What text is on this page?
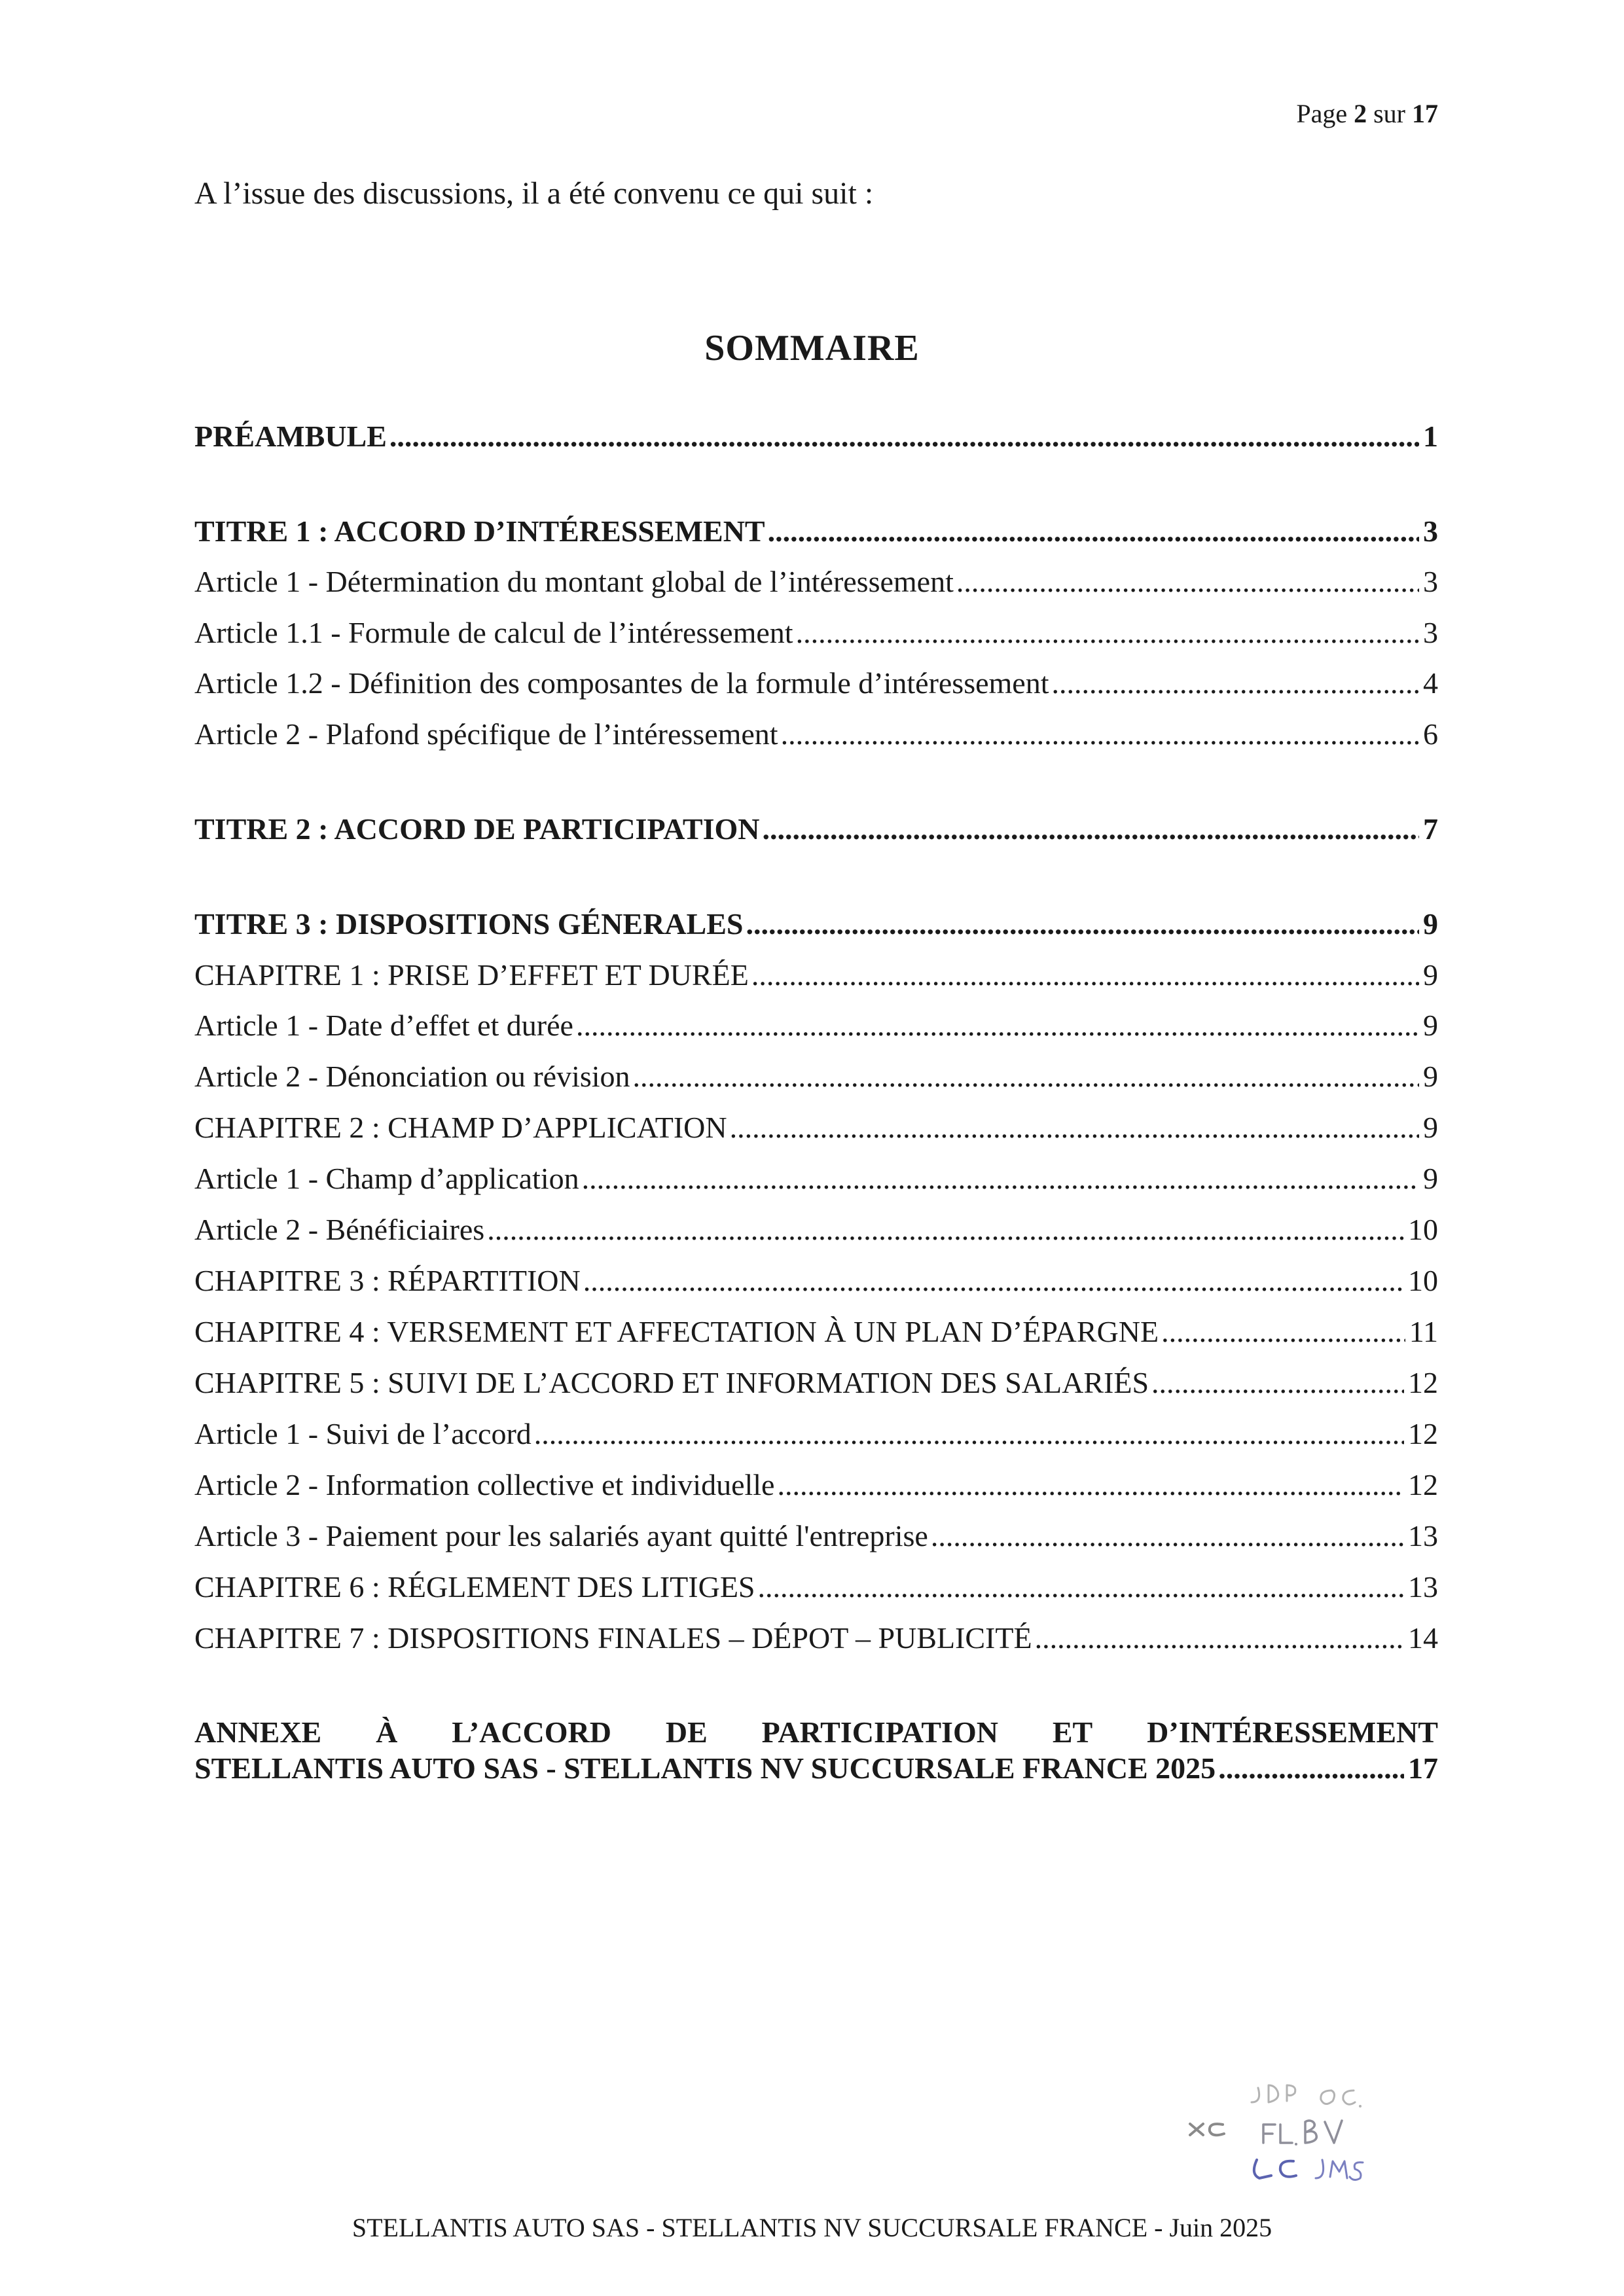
Page 2 sur 17
A l’issue des discussions, il a été convenu ce qui suit :
SOMMAIRE
PRÉAMBULE .....	1
TITRE 1 : ACCORD D’INTÉRESSEMENT .....	3
Article 1 - Détermination du montant global de l’intéressement .....	3
Article 1.1 - Formule de calcul de l’intéressement .....	3
Article 1.2 - Définition des composantes de la formule d’intéressement .....	4
Article 2 - Plafond spécifique de l’intéressement .....	6
TITRE 2 : ACCORD DE PARTICIPATION .....	7
TITRE 3 : DISPOSITIONS GÉNERALES .....	9
CHAPITRE 1 : PRISE D’EFFET ET DURÉE .....	9
Article 1 - Date d’effet et durée .....	9
Article 2 - Dénonciation ou révision .....	9
CHAPITRE 2 : CHAMP D’APPLICATION .....	9
Article 1 - Champ d’application .....	9
Article 2 - Bénéficiaires .....	10
CHAPITRE 3 : RÉPARTITION .....	10
CHAPITRE 4 : VERSEMENT ET AFFECTATION À UN PLAN D’ÉPARGNE .....	11
CHAPITRE 5 : SUIVI DE L’ACCORD ET INFORMATION DES SALARIÉS .....	12
Article 1 - Suivi de l’accord .....	12
Article 2 - Information collective et individuelle .....	12
Article 3 - Paiement pour les salariés ayant quitté l'entreprise .....	13
CHAPITRE 6 : RÉGLEMENT DES LITIGES .....	13
CHAPITRE 7 : DISPOSITIONS FINALES – DÉPOT – PUBLICITÉ .....	14
ANNEXE À L’ACCORD DE PARTICIPATION ET D’INTÉRESSEMENT
STELLANTIS AUTO SAS - STELLANTIS NV SUCCURSALE FRANCE 2025 .....	17
STELLANTIS AUTO SAS - STELLANTIS NV SUCCURSALE FRANCE - Juin 2025
